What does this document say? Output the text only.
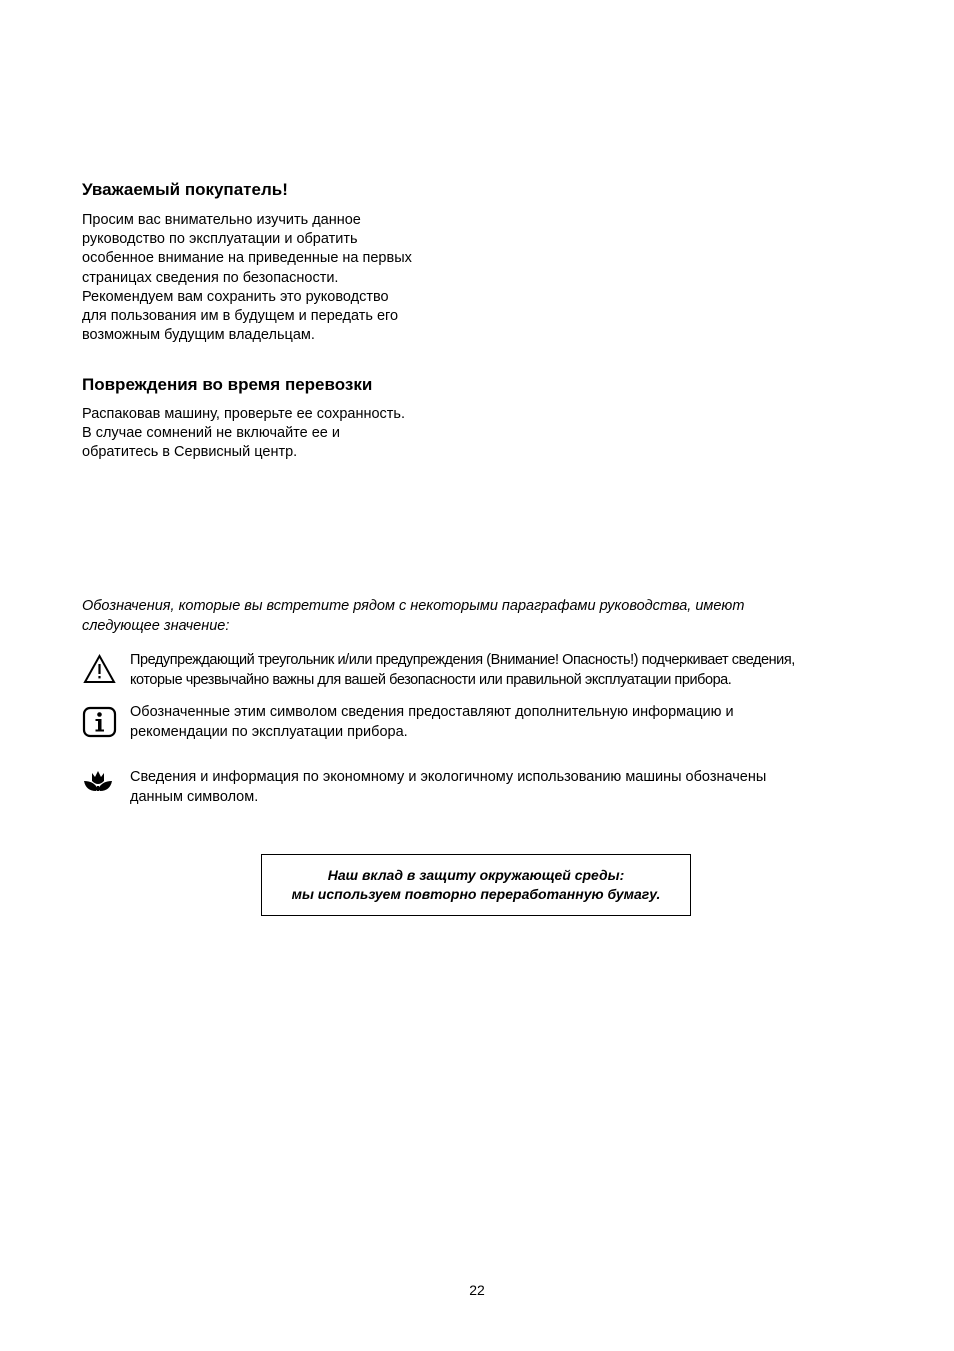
Уважаемый покупатель!
Просим вас внимательно изучить данное
руководство по эксплуатации и обратить
особенное внимание на приведенные на первых
страницах сведения по безопасности.
Рекомендуем вам сохранить это руководство
для пользования им в будущем и передать его
возможным будущим владельцам.
Повреждения во время перевозки
Распаковав машину, проверьте ее сохранность.
В случае сомнений не включайте ее и
обратитесь в Сервисный центр.
Обозначения, которые вы встретите рядом с некоторыми параграфами руководства, имеют
следующее значение:
Предупреждающий треугольник и/или предупреждения (Внимание! Опасность!) подчеркивает сведения,
которые чрезвычайно важны для вашей безопасности или правильной эксплуатации прибора.
Обозначенные этим символом сведения предоставляют дополнительную информацию и
рекомендации по эксплуатации прибора.
Сведения и информация по экономному и экологичному использованию машины обозначены
данным символом.
Наш вклад в защиту окружающей среды:
мы используем повторно переработанную бумагу.
22
